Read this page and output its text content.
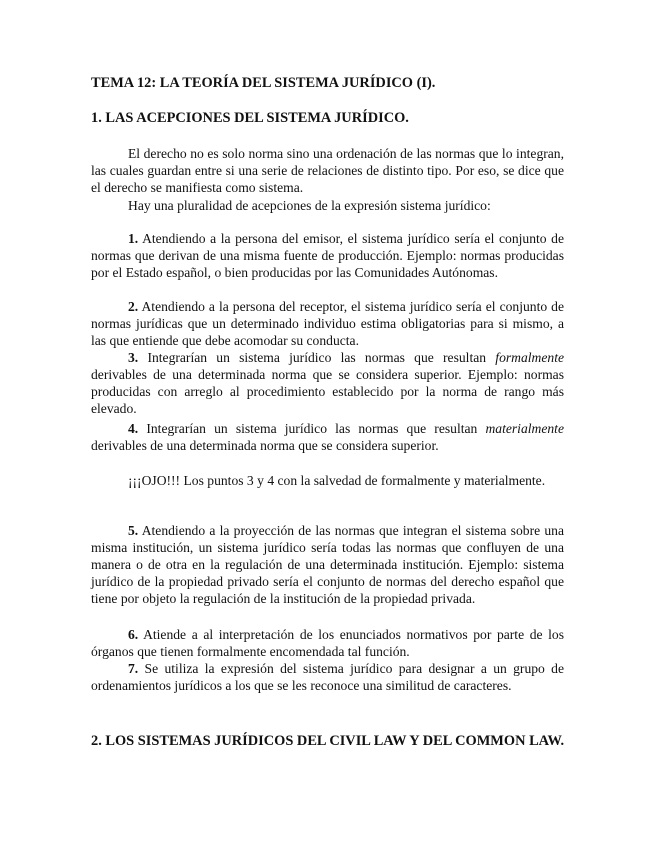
TEMA 12: LA TEORÍA DEL SISTEMA JURÍDICO (I).
1. LAS ACEPCIONES DEL SISTEMA JURÍDICO.

El derecho no es solo norma sino una ordenación de las normas que lo integran, las cuales guardan entre si una serie de relaciones de distinto tipo. Por eso, se dice que el derecho se manifiesta como sistema.

Hay una pluralidad de acepciones de la expresión sistema jurídico:

1. Atendiendo a la persona del emisor, el sistema jurídico sería el conjunto de normas que derivan de una misma fuente de producción. Ejemplo: normas producidas por el Estado español, o bien producidas por las Comunidades Autónomas.

2. Atendiendo a la persona del receptor, el sistema jurídico sería el conjunto de normas jurídicas que un determinado individuo estima obligatorias para si mismo, a las que entiende que debe acomodar su conducta.

3. Integrarían un sistema jurídico las normas que resultan formalmente derivables de una determinada norma que se considera superior. Ejemplo: normas producidas con arreglo al procedimiento establecido por la norma de rango más elevado.

4. Integrarían un sistema jurídico las normas que resultan materialmente derivables de una determinada norma que se considera superior.

¡¡¡OJO!!! Los puntos 3 y 4 con la salvedad de formalmente y materialmente.

5. Atendiendo a la proyección de las normas que integran el sistema sobre una misma institución, un sistema jurídico sería todas las normas que confluyen de una manera o de otra en la regulación de una determinada institución. Ejemplo: sistema jurídico de la propiedad privado sería el conjunto de normas del derecho español que tiene por objeto la regulación de la institución de la propiedad privada.

6. Atiende a al interpretación de los enunciados normativos por parte de los órganos que tienen formalmente encomendada tal función.

7. Se utiliza la expresión del sistema jurídico para designar a un grupo de ordenamientos jurídicos a los que se les reconoce una similitud de caracteres.

2. LOS SISTEMAS JURÍDICOS DEL CIVIL LAW Y DEL COMMON LAW.
